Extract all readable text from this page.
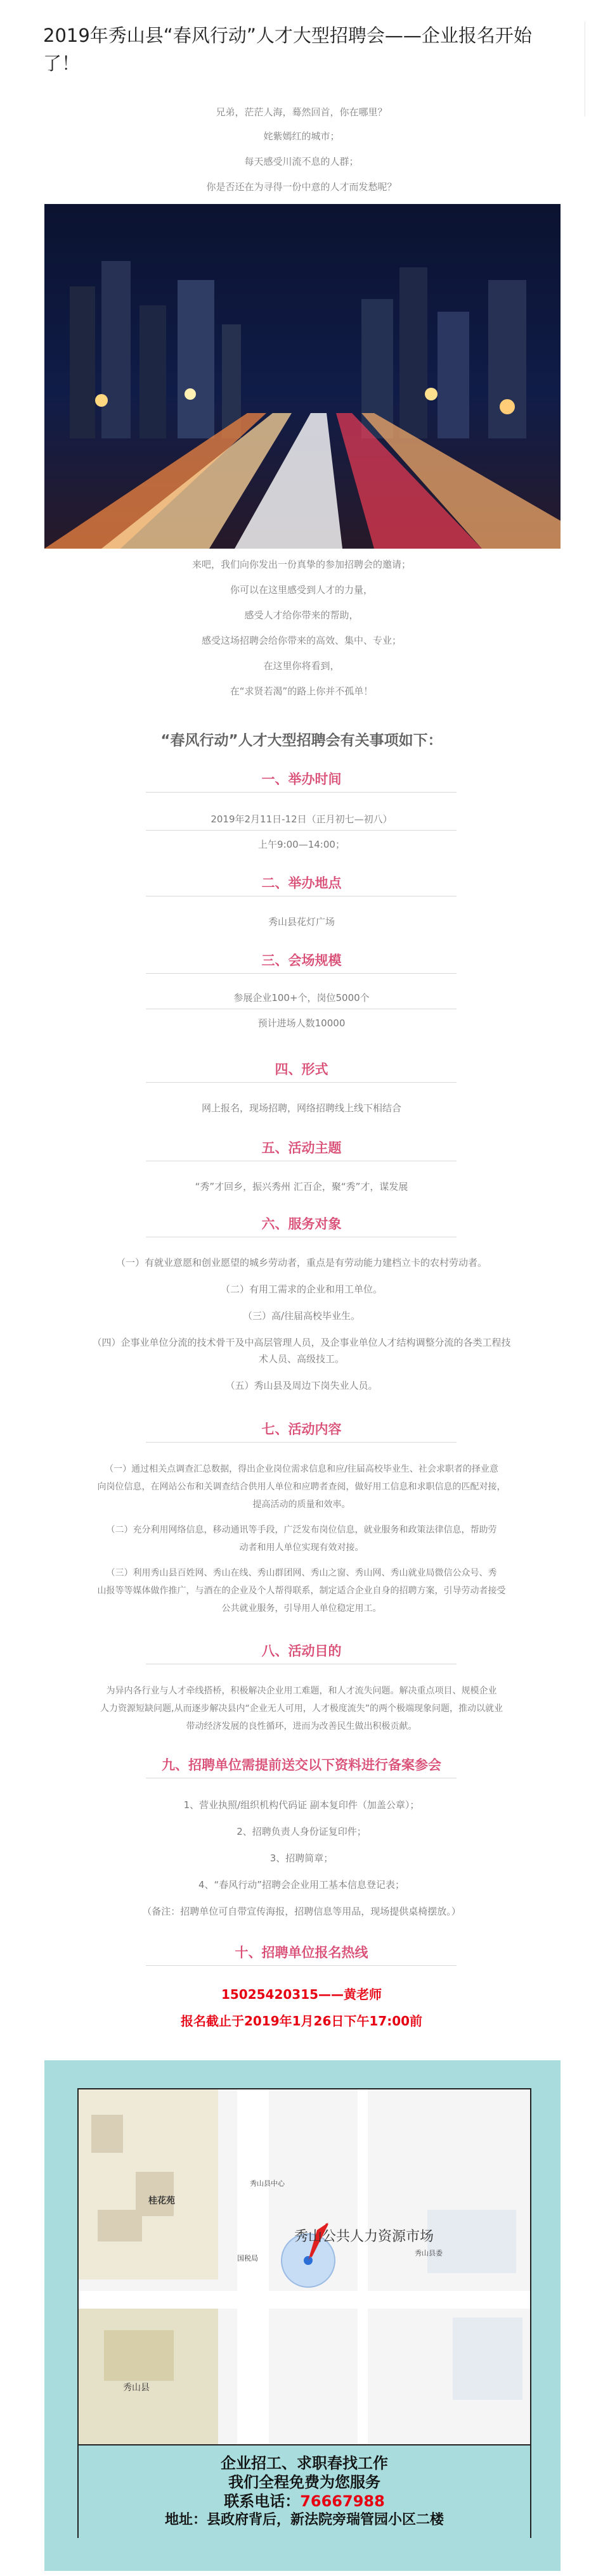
2019年秀山县“春风行动”人才大型招聘会——企业报名开始了！
兄弟，茫茫人海，蓦然回首，你在哪里？
姹紫嫣红的城市；
每天感受川流不息的人群；
你是否还在为寻得一份中意的人才而发愁呢？
来吧，我们向你发出一份真挚的参加招聘会的邀请；
你可以在这里感受到人才的力量，
感受人才给你带来的帮助，
感受这场招聘会给你带来的高效、集中、专业；
在这里你将看到，
在“求贤若渴”的路上你并不孤单！
“春风行动”人才大型招聘会有关事项如下：
一、举办时间
2019年2月11日-12日（正月初七—初八）
上午9:00—14:00；
二、举办地点
秀山县花灯广场
三、会场规模
参展企业100+个，岗位5000个
预计进场人数10000
四、形式
网上报名，现场招聘，网络招聘线上线下相结合
五、活动主题
“秀”才回乡，振兴秀州 汇百企，聚“秀”才，谋发展
六、服务对象
（一）有就业意愿和创业愿望的城乡劳动者，重点是有劳动能力建档立卡的农村劳动者。
（二）有用工需求的企业和用工单位。
（三）高/往届高校毕业生。
（四）企事业单位分流的技术骨干及中高层管理人员，及企事业单位人才结构调整分流的各类工程技
术人员、高级技工。
（五）秀山县及周边下岗失业人员。
七、活动内容
（一）通过相关点调查汇总数据，得出企业岗位需求信息和应/往届高校毕业生、社会求职者的择业意
向岗位信息，在网站公布和关调查结合供用人单位和应聘者查阅，做好用工信息和求职信息的匹配对接，
提高活动的质量和效率。
（二）充分利用网络信息，移动通讯等手段，广泛发布岗位信息，就业服务和政策法律信息，帮助劳
动者和用人单位实现有效对接。
（三）利用秀山县百姓网、秀山在线、秀山群团网、秀山之窗、秀山网、秀山就业局微信公众号、秀
山报等等媒体做作推广，与酒在的企业及个人帮得联系，制定适合企业自身的招聘方案，引导劳动者接受
公共就业服务，引导用人单位稳定用工。
八、活动目的
为异内各行业与人才牵线搭桥，积极解决企业用工难题，和人才流失问题。解决重点项目、规模企业
人力资源短缺问题,从而逐步解决县内“企业无人可用，人才极度流失”的两个极端现象问题，推动以就业
带动经济发展的良性循环，进而为改善民生做出积极贡献。
九、招聘单位需提前送交以下资料进行备案参会
1、营业执照/组织机构代码证 副本复印件（加盖公章）；
2、招聘负责人身份证复印件；
3、招聘简章；
4、“春风行动”招聘会企业用工基本信息登记表；
（备注：招聘单位可自带宣传海报，招聘信息等用品，现场提供桌椅摆放。）
十、招聘单位报名热线
15025420315——黄老师
报名截止于2019年1月26日下午17:00前
秀山公共人力资源市场
桂花苑
秀山县中心
国税局
秀山县
秀山县委
企业招工、求职春找工作
我们全程免费为您服务
联系电话：76667988
地址：县政府背后，新法院旁瑞管园小区二楼
